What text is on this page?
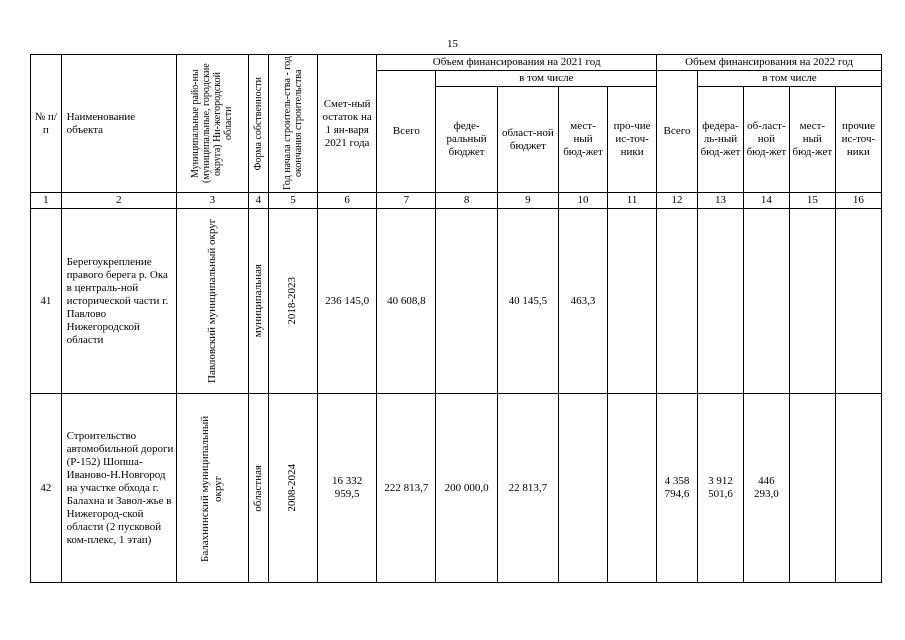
15
№ п/п	Наименование объекта	Муниципальные райо-ны (муниципальные, городские округа) Ни-жегородской области	Форма собственности	Год начала строитель-ства - год окончания строительства	Смет-ный остаток на 1 ян-варя 2021 года	Объем финансирования на 2021 год					Объем финансирования на 2022 год				
						Всего	в том числе				Всего	в том числе			
							феде-ральный бюджет	област-ной бюджет	мест-ный бюд-жет	про-чие ис-точ-ники		федера-ль-ный бюд-жет	об-ласт-ной бюд-жет	мест-ный бюд-жет	прочие ис-точ-ники
1	2	3	4	5	6	7	8	9	10	11	12	13	14	15	16
41	Берегоукрепление правого берега р. Ока в централь-ной исторической части г. Павлово Нижегородской области	Павловский муниципальный округ	муниципальная	2018-2023	236 145,0	40 608,8		40 145,5	463,3						
42	Строительство автомобильной дороги (Р-152) Шопша-Иваново-Н.Новгород на участке обхода г. Балахна и Завол-жье в Нижегород-ской области (2 пусковой ком-плекс, 1 этап)	Балахнинский муниципальный округ	областная	2008-2024	16 332 959,5	222 813,7	200 000,0	22 813,7			4 358 794,6	3 912 501,6	446 293,0		
